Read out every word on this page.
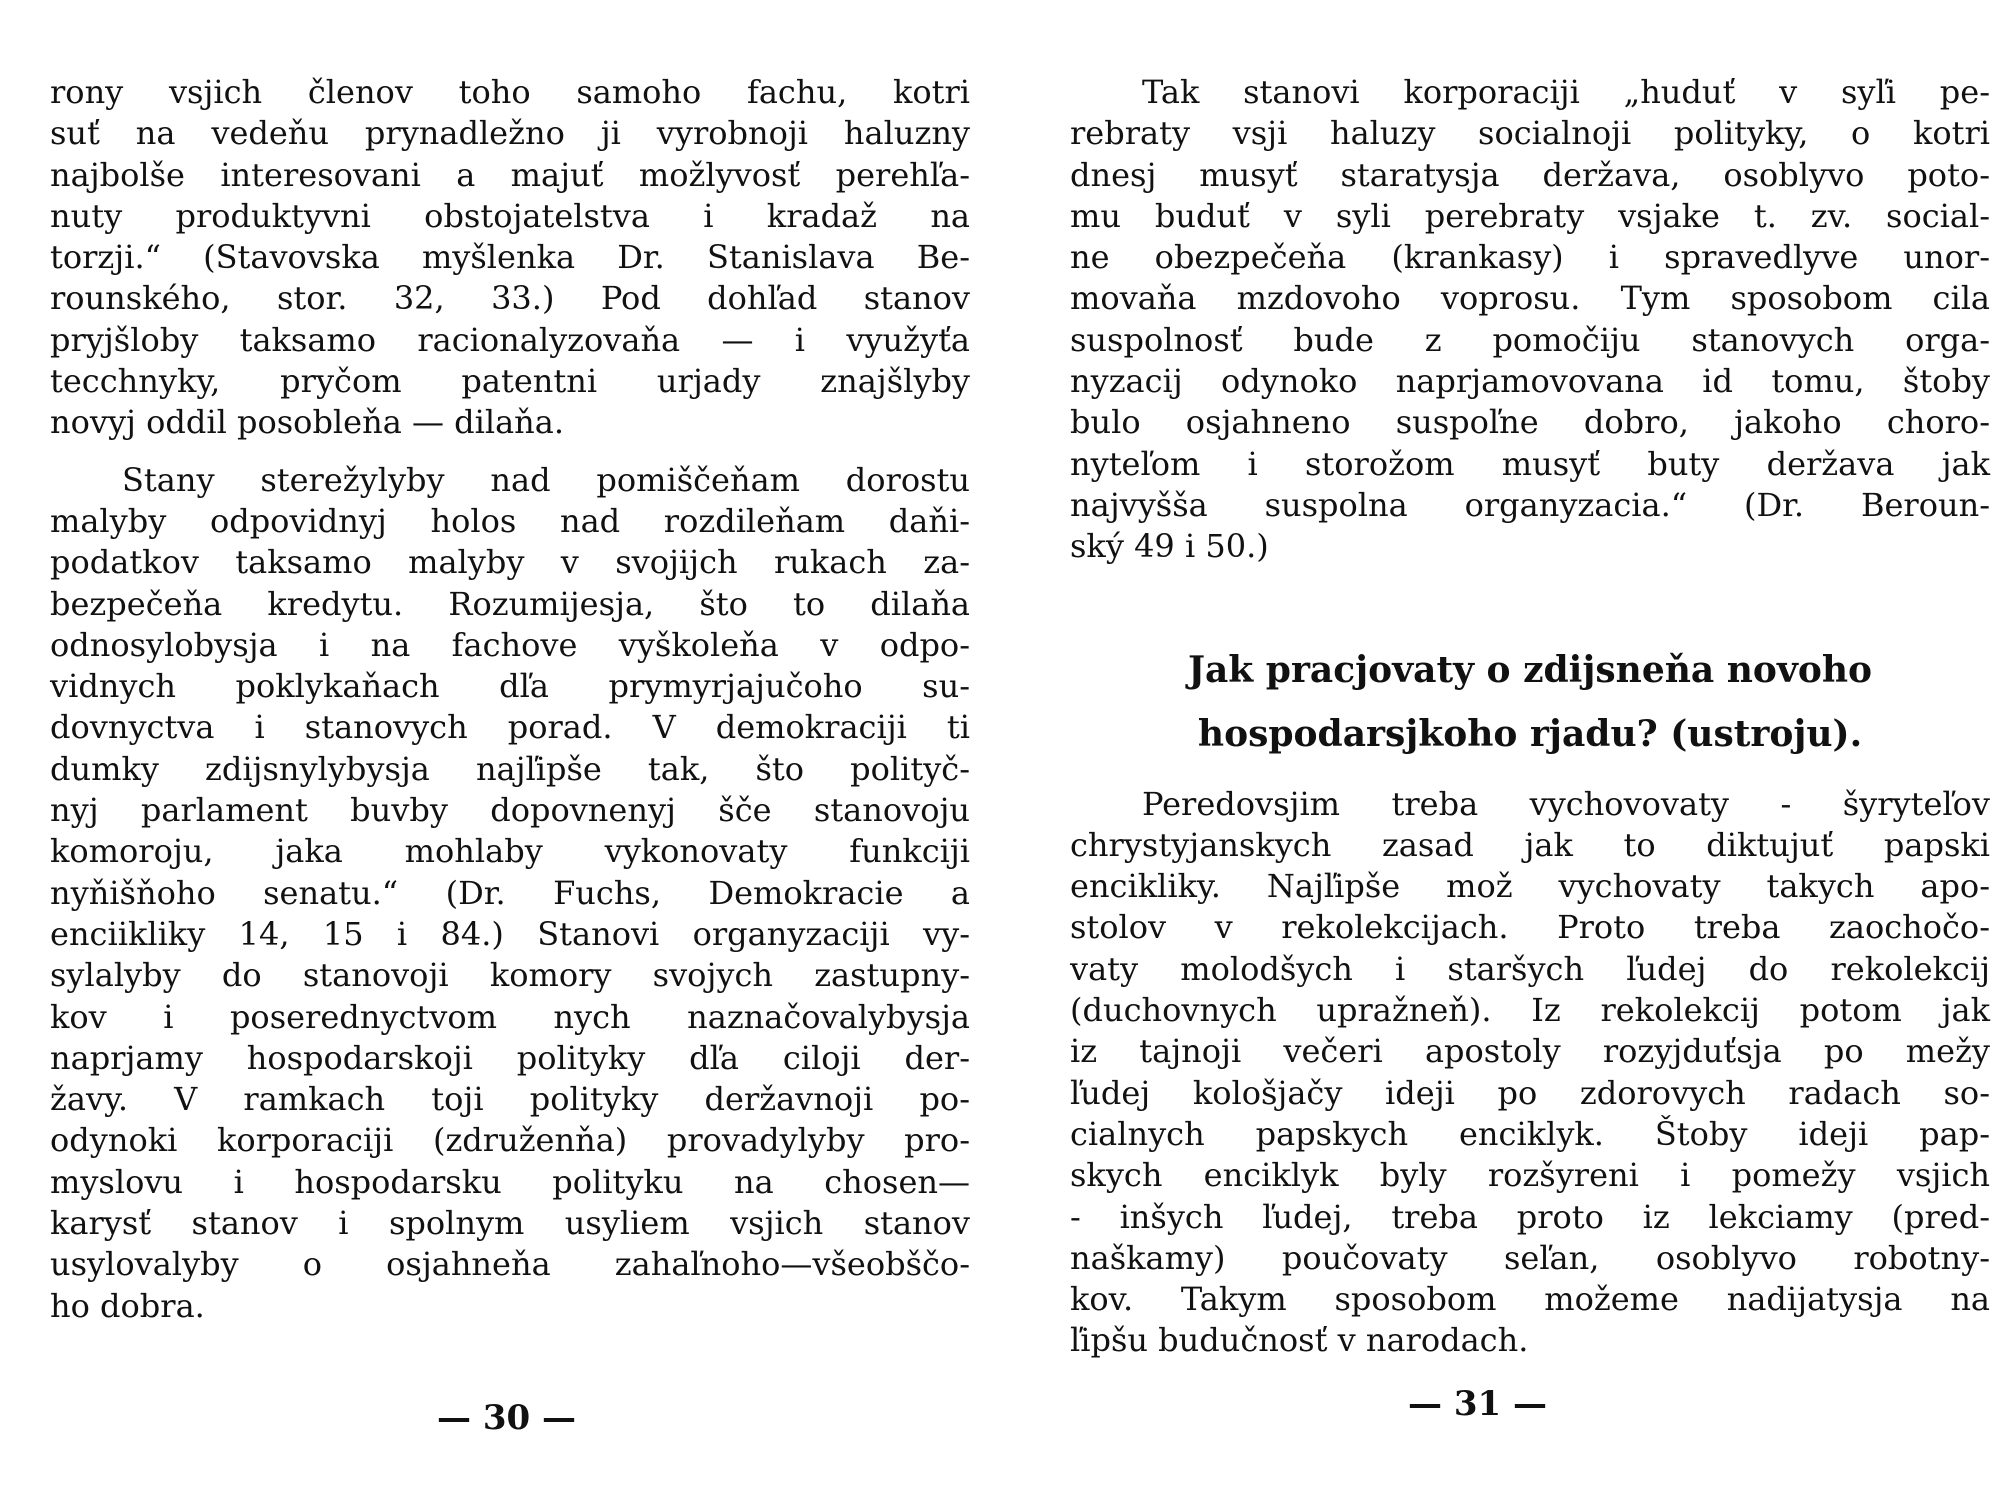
rony vsjich členov toho samoho fachu, kotri
suť na vedeňu prynadležno ji vyrobnoji haluzny
najbolše interesovani a majuť možlyvosť perehľa-
nuty produktyvni obstojatelstva i kradaž na
torzji.“ (Stavovska myšlenka Dr. Stanislava Be-
rounského, stor. 32, 33.) Pod dohľad stanov
pryjšloby taksamo racionalyzovaňa — i využyťa
tecchnyky, pryčom patentni urjady znajšlyby
novyj oddil posobleňa — dilaňa.
Stany sterežylyby nad pomiščeňam dorostu
malyby odpovidnyj holos nad rozdileňam daňi-
podatkov taksamo malyby v svojijch rukach za-
bezpečeňa kredytu. Rozumijesja, što to dilaňa
odnosylobysja i na fachove vyškoleňa v odpo-
vidnych poklykaňach dľa prymyrjajučoho su-
dovnyctva i stanovych porad. V demokraciji ti
dumky zdijsnylybysja najľipše tak, što polityč-
nyj parlament buvby dopovnenyj šče stanovoju
komoroju, jaka mohlaby vykonovaty funkciji
nyňišňoho senatu.“ (Dr. Fuchs, Demokracie a
enciikliky 14, 15 i 84.) Stanovi organyzaciji vy-
sylalyby do stanovoji komory svojych zastupny-
kov i poserednyctvom nych naznačovalybysja
naprjamy hospodarskoji polityky dľa ciloji der-
žavy. V ramkach toji polityky deržavnoji po-
odynoki korporaciji (združenňa) provadylyby pro-
myslovu i hospodarsku polityku na chosen—
karysť stanov i spolnym usyliem vsjich stanov
usylovalyby o osjahneňa zahaľnoho—všeobščo-
ho dobra.
— 30 —
Tak stanovi korporaciji „huduť v syľi pe-
rebraty vsji haluzy socialnoji polityky, o kotri
dnesj musyť staratysja deržava, osoblyvo poto-
mu buduť v syli perebraty vsjake t. zv. social-
ne obezpečeňa (krankasy) i spravedlyve unor-
movaňa mzdovoho voprosu. Tym sposobom cila
suspolnosť bude z pomočiju stanovych orga-
nyzacij odynoko naprjamovovana id tomu, štoby
bulo osjahneno suspoľne dobro, jakoho choro-
nyteľom i storožom musyť buty deržava jak
najvyšša suspolna organyzacia.“ (Dr. Beroun-
ský 49 i 50.)
Jak pracjovaty o zdijsneňa novoho
hospodarsjkoho rjadu? (ustroju).
Peredovsjim treba vychovovaty - šyryteľov
chrystyjanskych zasad jak to diktujuť papski
encikliky. Najľipše mož vychovaty takych apo-
stolov v rekolekcijach. Proto treba zaochočo-
vaty molodšych i staršych ľudej do rekolekcij
(duchovnych upražneň). Iz rekolekcij potom jak
iz tajnoji večeri apostoly rozyjduťsja po mežy
ľudej kološjačy ideji po zdorovych radach so-
cialnych papskych enciklyk. Štoby ideji pap-
skych enciklyk byly rozšyreni i pomežy vsjich
- inšych ľudej, treba proto iz lekciamy (pred-
naškamy) poučovaty seľan, osoblyvo robotny-
kov. Takym sposobom možeme nadijatysja na
ľipšu budučnosť v narodach.
— 31 —
